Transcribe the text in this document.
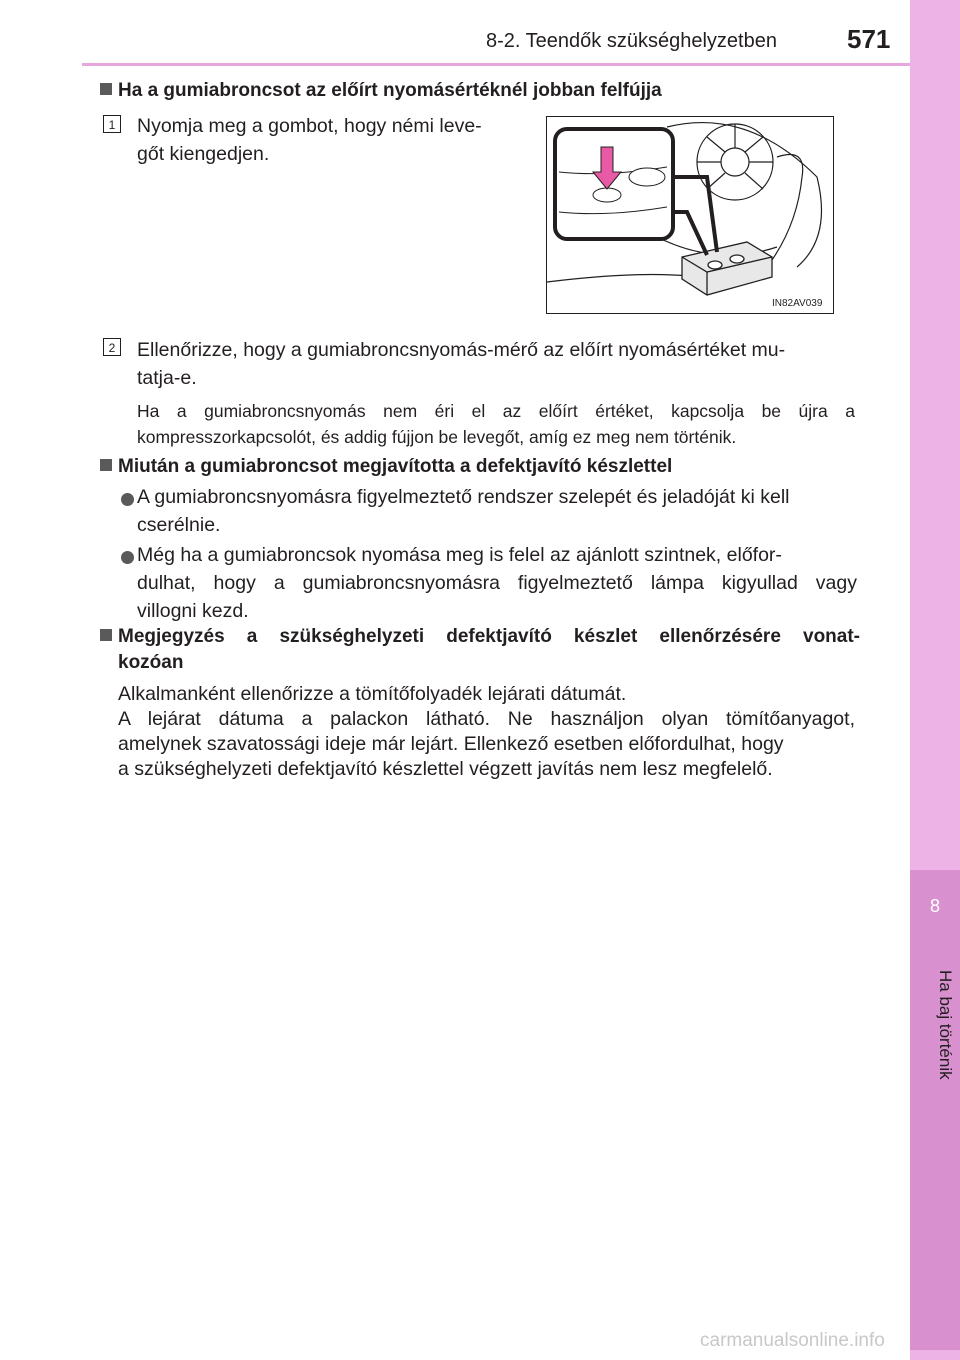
8-2. Teendők szükséghelyzetben	571
8
Ha baj történik
Ha a gumiabroncsot az előírt nyomásértéknél jobban felfújja
1 Nyomja meg a gombot, hogy némi leve-
gőt kiengedjen.
IN82AV039
2 Ellenőrizze, hogy a gumiabroncsnyomás-mérő az előírt nyomásértéket mu-
tatja-e.
Ha a gumiabroncsnyomás nem éri el az előírt értéket, kapcsolja be újra a
kompresszorkapcsolót, és addig fújjon be levegőt, amíg ez meg nem történik.
Miután a gumiabroncsot megjavította a defektjavító készlettel
A gumiabroncsnyomásra figyelmeztető rendszer szelepét és jeladóját ki kell
cserélnie.
Még ha a gumiabroncsok nyomása meg is felel az ajánlott szintnek, előfor-
dulhat, hogy a gumiabroncsnyomásra figyelmeztető lámpa kigyullad vagy
villogni kezd.
Megjegyzés a szükséghelyzeti defektjavító készlet ellenőrzésére vonat-
kozóan
Alkalmanként ellenőrizze a tömítőfolyadék lejárati dátumát.
A lejárat dátuma a palackon látható. Ne használjon olyan tömítőanyagot,
amelynek szavatossági ideje már lejárt. Ellenkező esetben előfordulhat, hogy
a szükséghelyzeti defektjavító készlettel végzett javítás nem lesz megfelelő.
carmanualsonline.info
